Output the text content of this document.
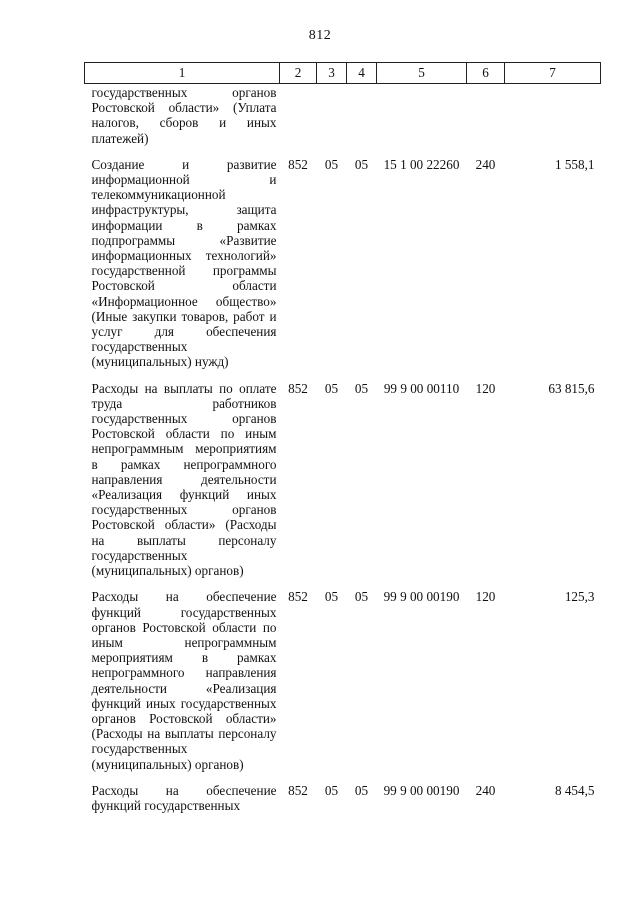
812
1	2	3	4	5	6	7
государственных органов Ростовской области» (Уплата налогов, сборов и иных платежей)						
Создание и развитие информационной и телекоммуникационной инфраструктуры, защита информации в рамках подпрограммы «Развитие информационных технологий» государственной программы Ростовской области «Информационное общество» (Иные закупки товаров, работ и услуг для обеспечения государственных (муниципальных) нужд)	852	05	05	15 1 00 22260	240	1 558,1
Расходы на выплаты по оплате труда работников государственных органов Ростовской области по иным непрограммным мероприятиям в рамках непрограммного направления деятельности «Реализация функций иных государственных органов Ростовской области» (Расходы на выплаты персоналу государственных (муниципальных) органов)	852	05	05	99 9 00 00110	120	63 815,6
Расходы на обеспечение функций государственных органов Ростовской области по иным непрограммным мероприятиям в рамках непрограммного направления деятельности «Реализация функций иных государственных органов Ростовской области» (Расходы на выплаты персоналу государственных (муниципальных) органов)	852	05	05	99 9 00 00190	120	125,3
Расходы на обеспечение функций государственных	852	05	05	99 9 00 00190	240	8 454,5
